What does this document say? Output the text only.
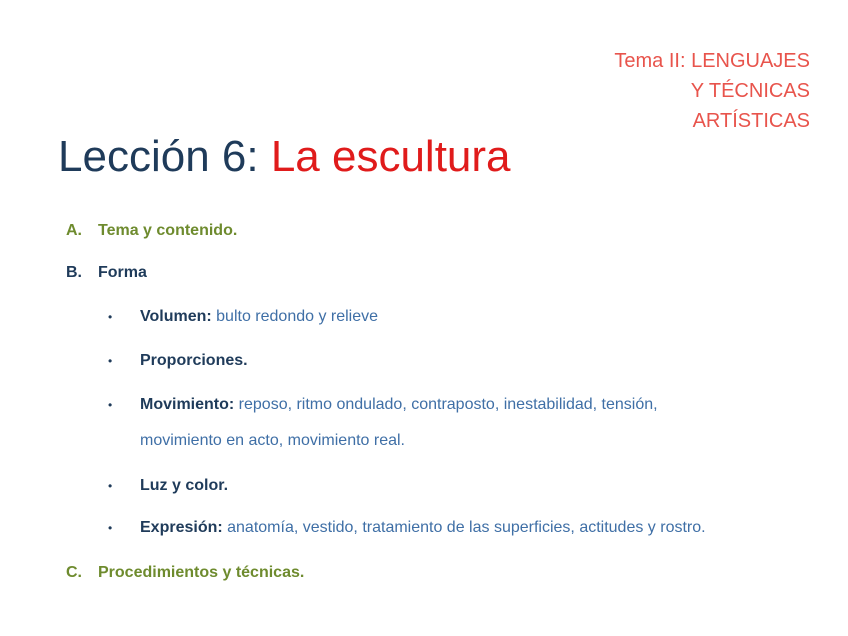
Tema II: LENGUAJES
Y TÉCNICAS
ARTÍSTICAS
Lección 6: La escultura
A. Tema y contenido.
B. Forma
• Volumen: bulto redondo y relieve
• Proporciones.
• Movimiento: reposo, ritmo ondulado, contraposto, inestabilidad, tensión,
movimiento en acto, movimiento real.
• Luz y color.
• Expresión: anatomía, vestido, tratamiento de las superficies, actitudes y rostro.
C. Procedimientos y técnicas.
